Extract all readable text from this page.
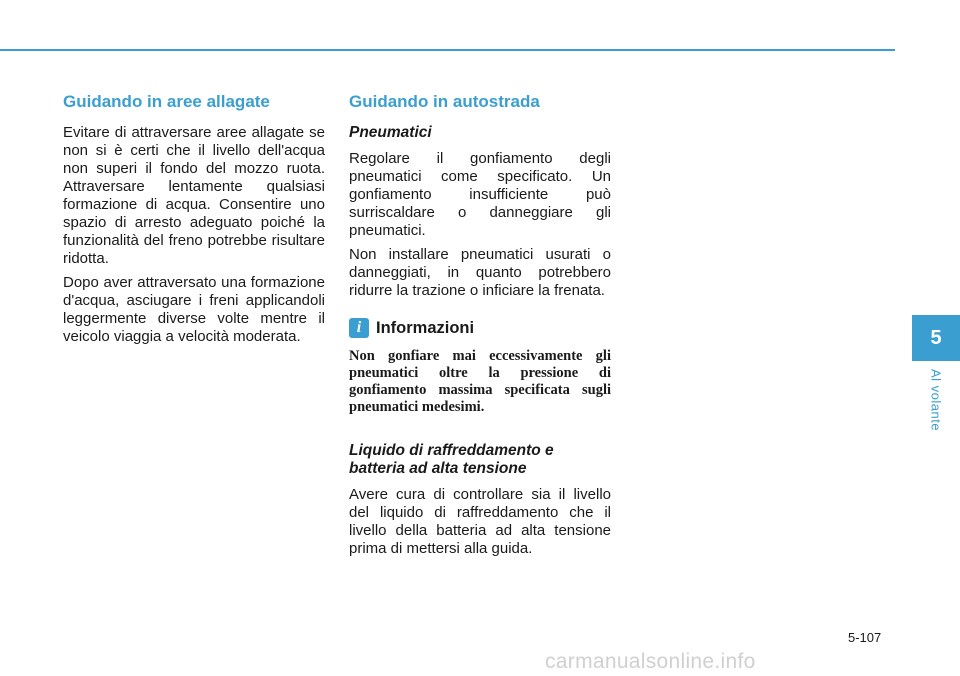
Guidando in aree allagate

Evitare di attraversare aree allagate se non si è certi che il livello dell'acqua non superi il fondo del mozzo ruota. Attraversare lentamente qualsiasi formazione di acqua. Consentire uno spazio di arresto adeguato poiché la funzionalità del freno potrebbe risultare ridotta.

Dopo aver attraversato una formazione d'acqua, asciugare i freni applicandoli leggermente diverse volte mentre il veicolo viaggia a velocità moderata.

Guidando in autostrada
Pneumatici

Regolare il gonfiamento degli pneumatici come specificato. Un gonfiamento insufficiente può surriscaldare o danneggiare gli pneumatici.

Non installare pneumatici usurati o danneggiati, in quanto potrebbero ridurre la trazione o inficiare la frenata.

i Informazioni

Non gonfiare mai eccessivamente gli pneumatici oltre la pressione di gonfiamento massima specificata sugli pneumatici medesimi.

Liquido di raffreddamento e batteria ad alta tensione

Avere cura di controllare sia il livello del liquido di raffreddamento che il livello della batteria ad alta tensione prima di mettersi alla guida.

5
Al volante
5-107
carmanualsonline.info
